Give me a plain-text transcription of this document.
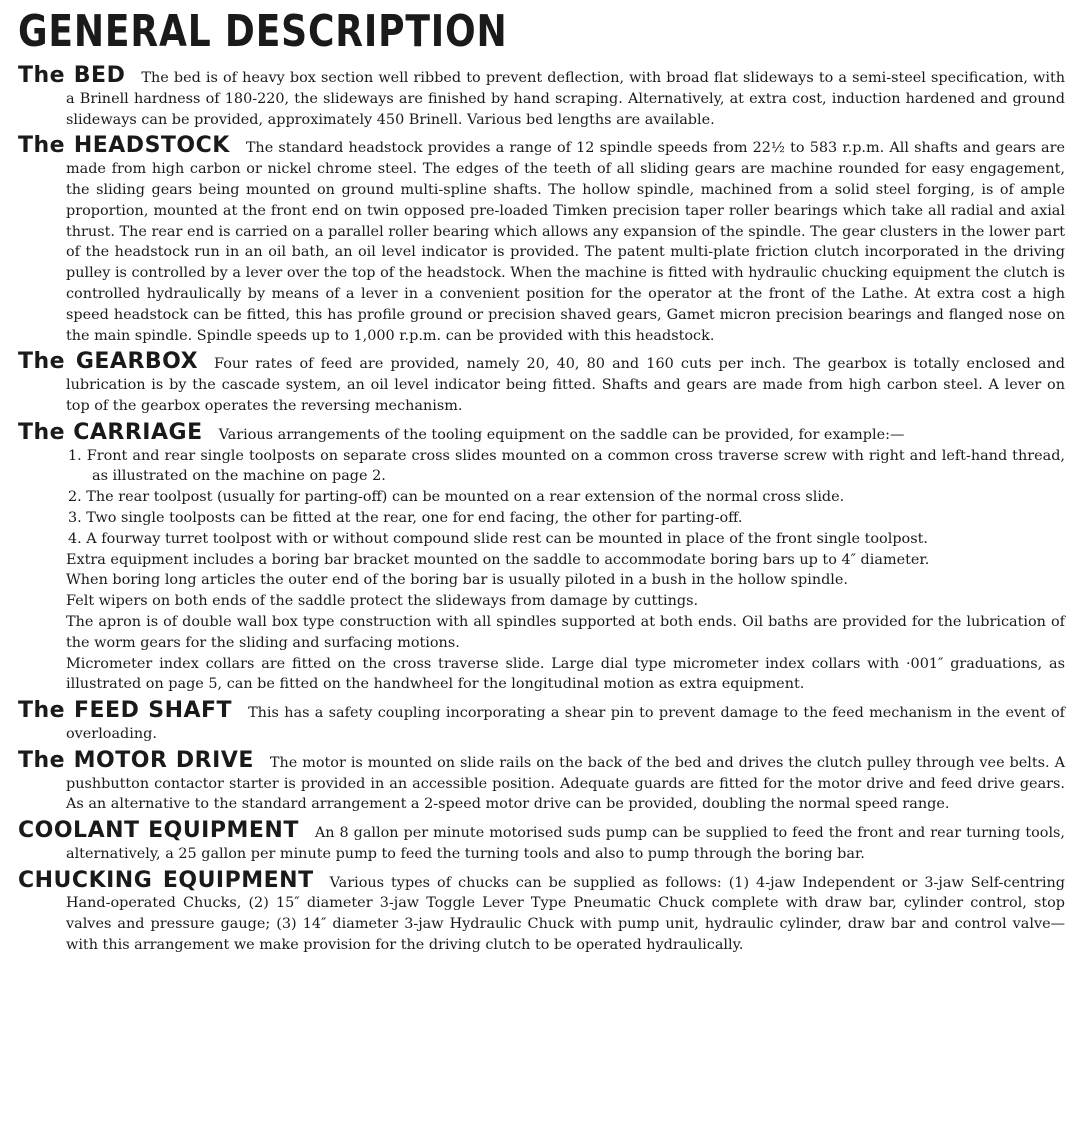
GENERAL DESCRIPTION

The BED The bed is of heavy box section well ribbed to prevent deflection, with broad flat slideways to a semi-steel specification, with a Brinell hardness of 180-220, the slideways are finished by hand scraping. Alternatively, at extra cost, induction hardened and ground slideways can be provided, approximately 450 Brinell. Various bed lengths are available.

The HEADSTOCK The standard headstock provides a range of 12 spindle speeds from 22½ to 583 r.p.m. All shafts and gears are made from high carbon or nickel chrome steel. The edges of the teeth of all sliding gears are machine rounded for easy engagement, the sliding gears being mounted on ground multi-spline shafts. The hollow spindle, machined from a solid steel forging, is of ample proportion, mounted at the front end on twin opposed pre-loaded Timken precision taper roller bearings which take all radial and axial thrust. The rear end is carried on a parallel roller bearing which allows any expansion of the spindle. The gear clusters in the lower part of the headstock run in an oil bath, an oil level indicator is provided. The patent multi-plate friction clutch incorporated in the driving pulley is controlled by a lever over the top of the headstock. When the machine is fitted with hydraulic chucking equipment the clutch is controlled hydraulically by means of a lever in a convenient position for the operator at the front of the Lathe. At extra cost a high speed headstock can be fitted, this has profile ground or precision shaved gears, Gamet micron precision bearings and flanged nose on the main spindle. Spindle speeds up to 1,000 r.p.m. can be provided with this headstock.

The GEARBOX Four rates of feed are provided, namely 20, 40, 80 and 160 cuts per inch. The gearbox is totally enclosed and lubrication is by the cascade system, an oil level indicator being fitted. Shafts and gears are made from high carbon steel. A lever on top of the gearbox operates the reversing mechanism.

The CARRIAGE Various arrangements of the tooling equipment on the saddle can be provided, for example:—

1. Front and rear single toolposts on separate cross slides mounted on a common cross traverse screw with right and left-hand thread, as illustrated on the machine on page 2.

2. The rear toolpost (usually for parting-off) can be mounted on a rear extension of the normal cross slide.

3. Two single toolposts can be fitted at the rear, one for end facing, the other for parting-off.

4. A fourway turret toolpost with or without compound slide rest can be mounted in place of the front single toolpost.

Extra equipment includes a boring bar bracket mounted on the saddle to accommodate boring bars up to 4″ diameter.

When boring long articles the outer end of the boring bar is usually piloted in a bush in the hollow spindle.

Felt wipers on both ends of the saddle protect the slideways from damage by cuttings.

The apron is of double wall box type construction with all spindles supported at both ends. Oil baths are provided for the lubrication of the worm gears for the sliding and surfacing motions.

Micrometer index collars are fitted on the cross traverse slide. Large dial type micrometer index collars with ·001″ graduations, as illustrated on page 5, can be fitted on the handwheel for the longitudinal motion as extra equipment.

The FEED SHAFT This has a safety coupling incorporating a shear pin to prevent damage to the feed mechanism in the event of overloading.

The MOTOR DRIVE The motor is mounted on slide rails on the back of the bed and drives the clutch pulley through vee belts. A pushbutton contactor starter is provided in an accessible position. Adequate guards are fitted for the motor drive and feed drive gears. As an alternative to the standard arrangement a 2-speed motor drive can be provided, doubling the normal speed range.

COOLANT EQUIPMENT An 8 gallon per minute motorised suds pump can be supplied to feed the front and rear turning tools, alternatively, a 25 gallon per minute pump to feed the turning tools and also to pump through the boring bar.

CHUCKING EQUIPMENT Various types of chucks can be supplied as follows: (1) 4-jaw Independent or 3-jaw Self-centring Hand-operated Chucks, (2) 15″ diameter 3-jaw Toggle Lever Type Pneumatic Chuck complete with draw bar, cylinder control, stop valves and pressure gauge; (3) 14″ diameter 3-jaw Hydraulic Chuck with pump unit, hydraulic cylinder, draw bar and control valve—with this arrangement we make provision for the driving clutch to be operated hydraulically.
